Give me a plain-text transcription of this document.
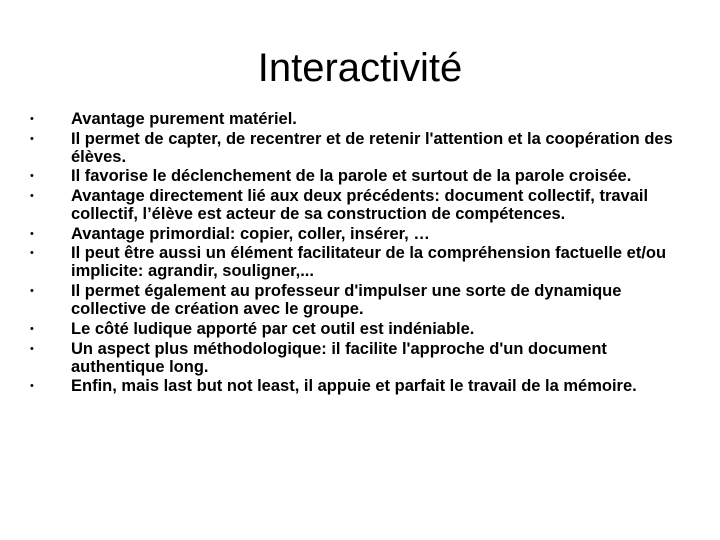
Interactivité
• Avantage purement matériel.
• Il permet de capter, de recentrer et de retenir l'attention et la coopération des élèves.
• Il favorise le déclenchement de la parole et surtout de la parole croisée.
• Avantage directement lié aux deux précédents: document collectif, travail collectif, l’élève est acteur de sa construction de compétences.
• Avantage primordial: copier, coller, insérer, …
• Il peut être aussi un élément facilitateur de la compréhension factuelle et/ou implicite: agrandir, souligner,...
• Il permet également au professeur d'impulser une sorte de dynamique collective de création avec le groupe.
• Le côté ludique apporté par cet outil est indéniable.
• Un aspect plus méthodologique: il facilite l'approche d'un document authentique long.
• Enfin, mais last but not least, il appuie et parfait le travail de la mémoire.
